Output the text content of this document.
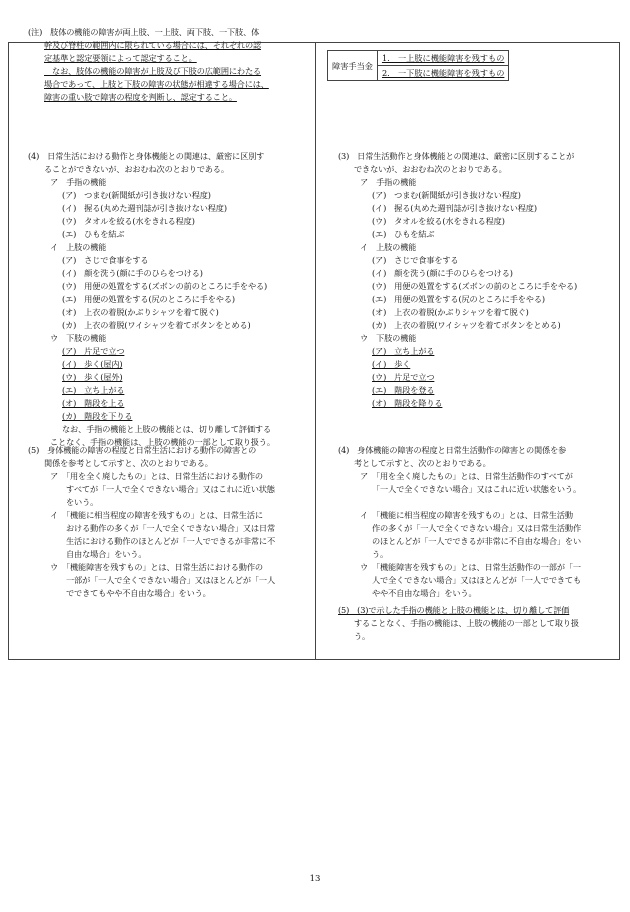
障害手当金	1.　一上肢に機能障害を残すもの
2.　一下肢に機能障害を残すもの
(注)　肢体の機能の障害が両上肢、一上肢、両下肢、一下肢、体
幹及び脊柱の範囲内に限られている場合には、それぞれの認
定基準と認定要領によって認定すること。
　なお、肢体の機能の障害が上肢及び下肢の広範囲にわたる
場合であって、上肢と下肢の障害の状態が相違する場合には、
障害の重い肢で障害の程度を判断し、認定すること。
(4)　日常生活における動作と身体機能との関連は、厳密に区別す
ることができないが、おおむね次のとおりである。
ア　手指の機能
(ア)　つまむ(新聞紙が引き抜けない程度)
(イ)　握る(丸めた週刊誌が引き抜けない程度)
(ウ)　タオルを絞る(水をきれる程度)
(エ)　ひもを結ぶ
イ　上肢の機能
(ア)　さじで食事をする
(イ)　顔を洗う(顔に手のひらをつける)
(ウ)　用便の処置をする(ズボンの前のところに手をやる)
(エ)　用便の処置をする(尻のところに手をやる)
(オ)　上衣の着脱(かぶりシャツを着て脱ぐ)
(カ)　上衣の着脱(ワイシャツを着てボタンをとめる)
ウ　下肢の機能
(ア)　片足で立つ
(イ)　歩く(屋内)
(ウ)　歩く(屋外)
(エ)　立ち上がる
(オ)　階段を上る
(カ)　階段を下りる
なお、手指の機能と上肢の機能とは、切り離して評価する
ことなく、手指の機能は、上肢の機能の一部として取り扱う。
(5)　身体機能の障害の程度と日常生活における動作の障害との
関係を参考として示すと、次のとおりである。
ア　「用を全く廃したもの」とは、日常生活における動作の
すべてが「一人で全くできない場合」又はこれに近い状態
をいう。
イ　「機能に相当程度の障害を残すもの」とは、日常生活に
おける動作の多くが「一人で全くできない場合」又は日常
生活における動作のほとんどが「一人でできるが非常に不
自由な場合」をいう。
ウ　「機能障害を残すもの」とは、日常生活における動作の
一部が「一人で全くできない場合」又はほとんどが「一人
でできてもやや不自由な場合」をいう。
(3)　日常生活動作と身体機能との関連は、厳密に区別することが
できないが、おおむね次のとおりである。
ア　手指の機能
(ア)　つまむ(新聞紙が引き抜けない程度)
(イ)　握る(丸めた週刊誌が引き抜けない程度)
(ウ)　タオルを絞る(水をきれる程度)
(エ)　ひもを結ぶ
イ　上肢の機能
(ア)　さじで食事をする
(イ)　顔を洗う(顔に手のひらをつける)
(ウ)　用便の処置をする(ズボンの前のところに手をやる)
(エ)　用便の処置をする(尻のところに手をやる)
(オ)　上衣の着脱(かぶりシャツを着て脱ぐ)
(カ)　上衣の着脱(ワイシャツを着てボタンをとめる)
ウ　下肢の機能
(ア)　立ち上がる
(イ)　歩く
(ウ)　片足で立つ
(エ)　階段を登る
(オ)　階段を降りる
(4)　身体機能の障害の程度と日常生活動作の障害との関係を参
考として示すと、次のとおりである。
ア　「用を全く廃したもの」とは、日常生活動作のすべてが
「一人で全くできない場合」又はこれに近い状態をいう。
イ　「機能に相当程度の障害を残すもの」とは、日常生活動
作の多くが「一人で全くできない場合」又は日常生活動作
のほとんどが「一人でできるが非常に不自由な場合」をい
う。
ウ　「機能障害を残すもの」とは、日常生活動作の一部が「一
人で全くできない場合」又はほとんどが「一人でできても
やや不自由な場合」をいう。
(5)　(3)で示した手指の機能と上肢の機能とは、切り離して評価
することなく、手指の機能は、上肢の機能の一部として取り扱
う。
13
